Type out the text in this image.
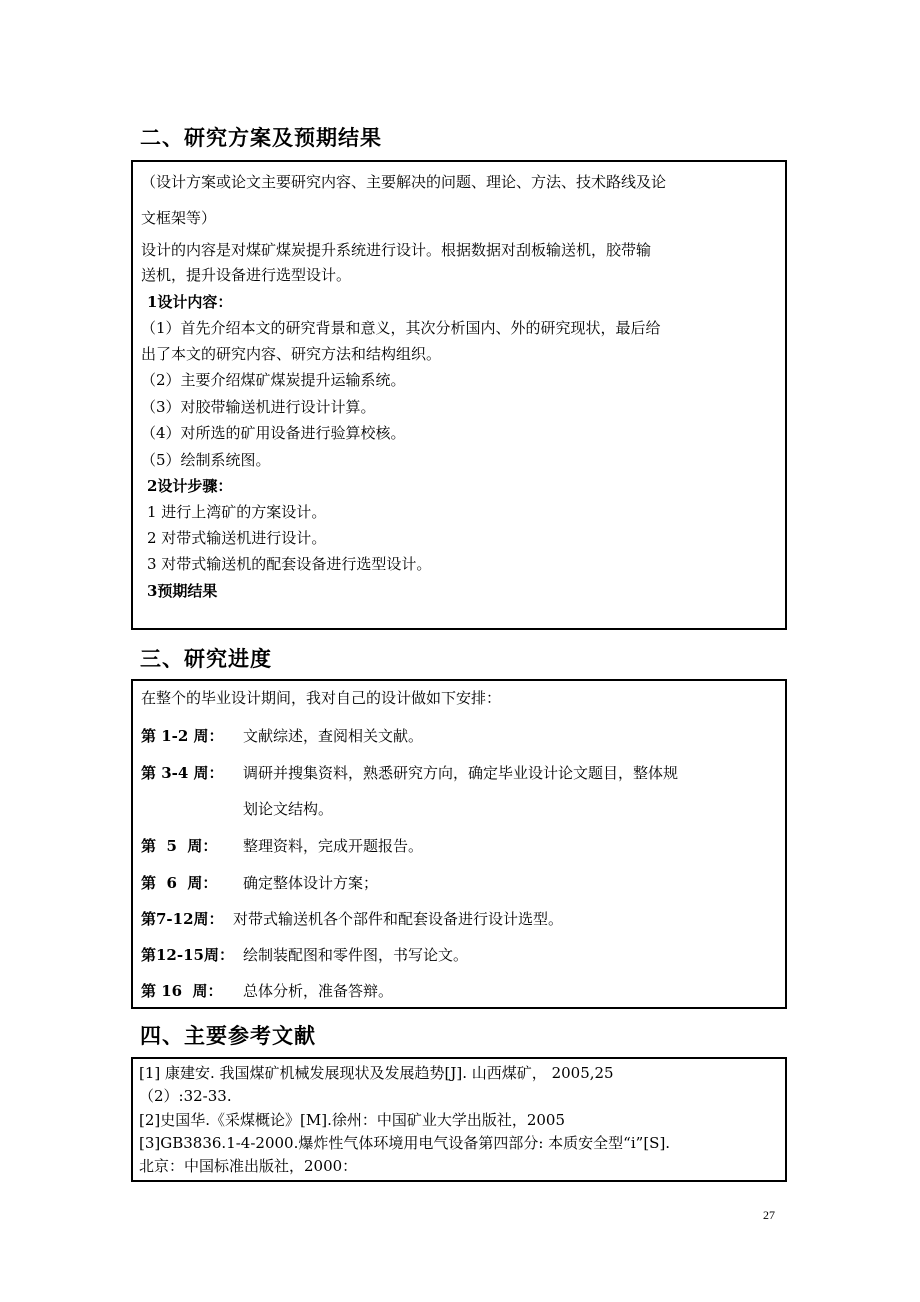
二、研究方案及预期结果
（设计方案或论文主要研究内容、主要解决的问题、理论、方法、技术路线及论
文框架等）
设计的内容是对煤矿煤炭提升系统进行设计。根据数据对刮板输送机，胶带输
送机，提升设备进行选型设计。
1设计内容：
（1）首先介绍本文的研究背景和意义，其次分析国内、外的研究现状，最后给
出了本文的研究内容、研究方法和结构组织。
（2）主要介绍煤矿煤炭提升运输系统。
（3）对胶带输送机进行设计计算。
（4）对所选的矿用设备进行验算校核。
（5）绘制系统图。
2设计步骤：
1 进行上湾矿的方案设计。
2 对带式输送机进行设计。
3 对带式输送机的配套设备进行选型设计。
3预期结果
三、研究进度
在整个的毕业设计期间，我对自己的设计做如下安排：
第 1-2 周： 文献综述，查阅相关文献。
第 3-4 周： 调研并搜集资料，熟悉研究方向，确定毕业设计论文题目，整体规
划论文结构。
第  5  周： 整理资料，完成开题报告。
第  6  周： 确定整体设计方案；
第7-12周： 对带式输送机各个部件和配套设备进行设计选型。
第12-15周： 绘制装配图和零件图，书写论文。
第 16  周： 总体分析，准备答辩。
四、主要参考文献
[1] 康建安. 我国煤矿机械发展现状及发展趋势[J]. 山西煤矿， 2005,25
（2）:32-33.
[2]史国华.《采煤概论》[M].徐州：中国矿业大学出版社，2005
[3]GB3836.1-4-2000.爆炸性气体环境用电气设备第四部分: 本质安全型“i”[S].
北京：中国标准出版社，2000：
27
